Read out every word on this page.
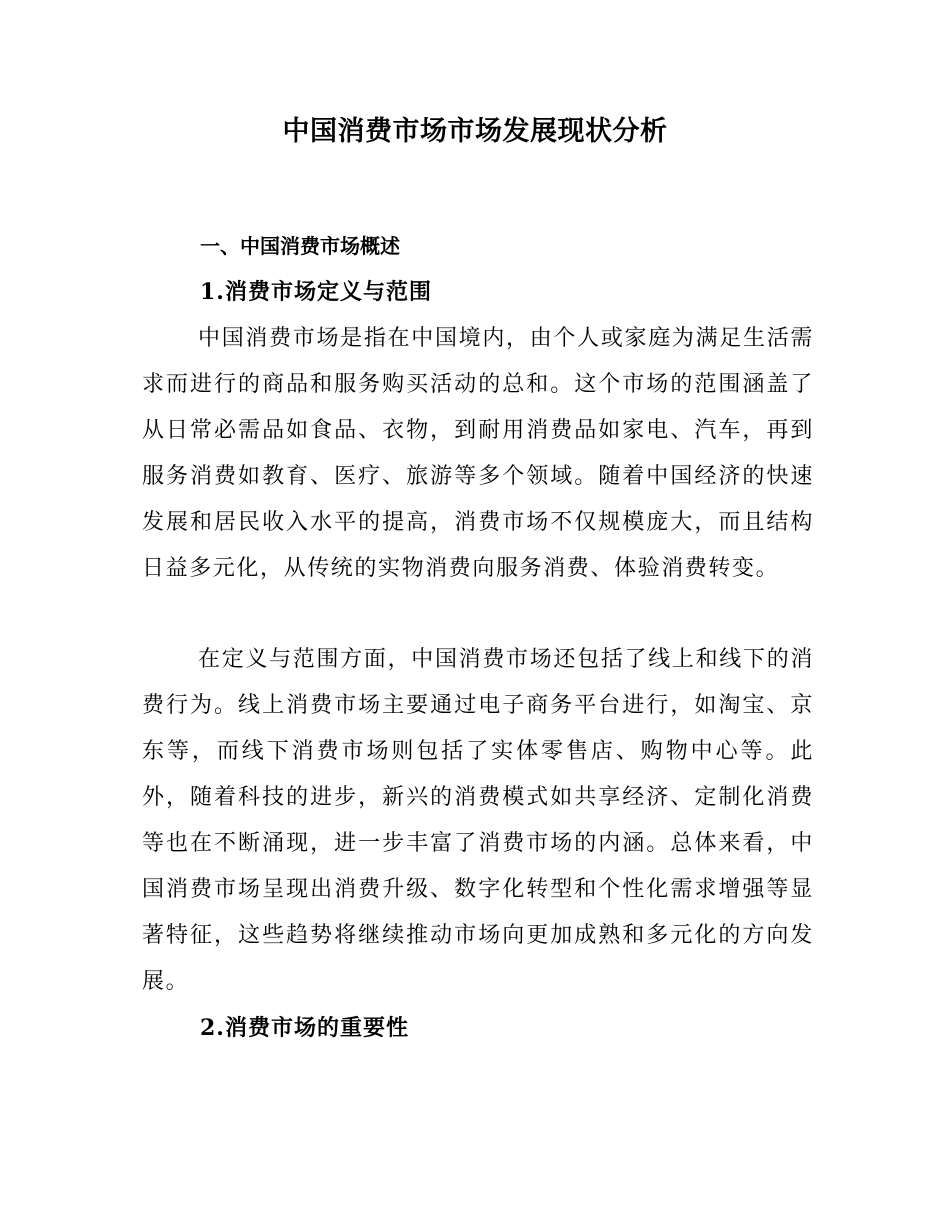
中国消费市场市场发展现状分析
一、中国消费市场概述
1.消费市场定义与范围

中国消费市场是指在中国境内，由个人或家庭为满足生活需求而进行的商品和服务购买活动的总和。这个市场的范围涵盖了从日常必需品如食品、衣物，到耐用消费品如家电、汽车，再到服务消费如教育、医疗、旅游等多个领域。随着中国经济的快速发展和居民收入水平的提高，消费市场不仅规模庞大，而且结构日益多元化，从传统的实物消费向服务消费、体验消费转变。

在定义与范围方面，中国消费市场还包括了线上和线下的消费行为。线上消费市场主要通过电子商务平台进行，如淘宝、京东等，而线下消费市场则包括了实体零售店、购物中心等。此外，随着科技的进步，新兴的消费模式如共享经济、定制化消费等也在不断涌现，进一步丰富了消费市场的内涵。总体来看，中国消费市场呈现出消费升级、数字化转型和个性化需求增强等显著特征，这些趋势将继续推动市场向更加成熟和多元化的方向发展。

2.消费市场的重要性
